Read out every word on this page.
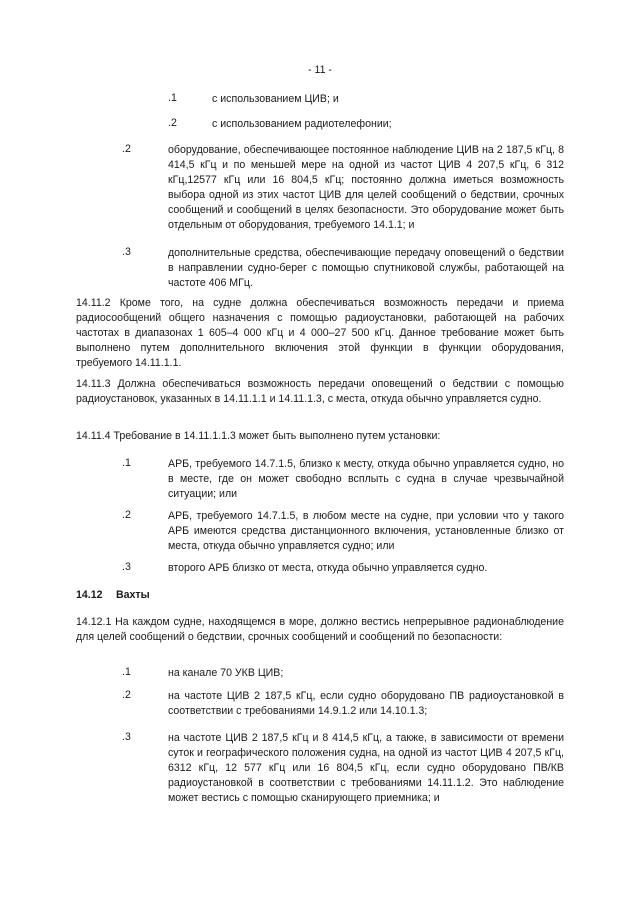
- 11 -
.1	с использованием ЦИВ; и
.2	с использованием радиотелефонии;
.2	оборудование, обеспечивающее постоянное наблюдение ЦИВ на 2 187,5 кГц, 8 414,5 кГц и по меньшей мере на одной из частот ЦИВ 4 207,5 кГц, 6 312 кГц,12577 кГц или 16 804,5 кГц; постоянно должна иметься возможность выбора одной из этих частот ЦИВ для целей сообщений о бедствии, срочных сообщений и сообщений в целях безопасности. Это оборудование может быть отдельным от оборудования, требуемого 14.1.1; и
.3	дополнительные средства, обеспечивающие передачу оповещений о бедствии в направлении судно-берег с помощью спутниковой службы, работающей на частоте 406 МГц.
14.11.2 Кроме того, на судне должна обеспечиваться возможность передачи и приема радиосообщений общего назначения с помощью радиоустановки, работающей на рабочих частотах в диапазонах 1 605–4 000 кГц и 4 000–27 500 кГц. Данное требование может быть выполнено путем дополнительного включения этой функции в функции оборудования, требуемого 14.11.1.1.
14.11.3 Должна обеспечиваться возможность передачи оповещений о бедствии с помощью радиоустановок, указанных в 14.11.1.1 и 14.11.1.3, с места, откуда обычно управляется судно.
14.11.4 Требование в 14.11.1.1.3 может быть выполнено путем установки:
.1	АРБ, требуемого 14.7.1.5, близко к месту, откуда обычно управляется судно, но в месте, где он может свободно всплыть с судна в случае чрезвычайной ситуации; или
.2	АРБ, требуемого 14.7.1.5, в любом месте на судне, при условии что у такого АРБ имеются средства дистанционного включения, установленные близко от места, откуда обычно управляется судно; или
.3	второго АРБ близко от места, откуда обычно управляется судно.
14.12 Вахты
14.12.1 На каждом судне, находящемся в море, должно вестись непрерывное радионаблюдение для целей сообщений о бедствии, срочных сообщений и сообщений по безопасности:
.1	на канале 70 УКВ ЦИВ;
.2	на частоте ЦИВ 2 187,5 кГц, если судно оборудовано ПВ радиоустановкой в соответствии с требованиями 14.9.1.2 или 14.10.1.3;
.3	на частоте ЦИВ 2 187,5 кГц и 8 414,5 кГц, а также, в зависимости от времени суток и географического положения судна, на одной из частот ЦИВ 4 207,5 кГц, 6312 кГц, 12 577 кГц или 16 804,5 кГц, если судно оборудовано ПВ/КВ радиоустановкой в соответствии с требованиями 14.11.1.2. Это наблюдение может вестись с помощью сканирующего приемника; и
